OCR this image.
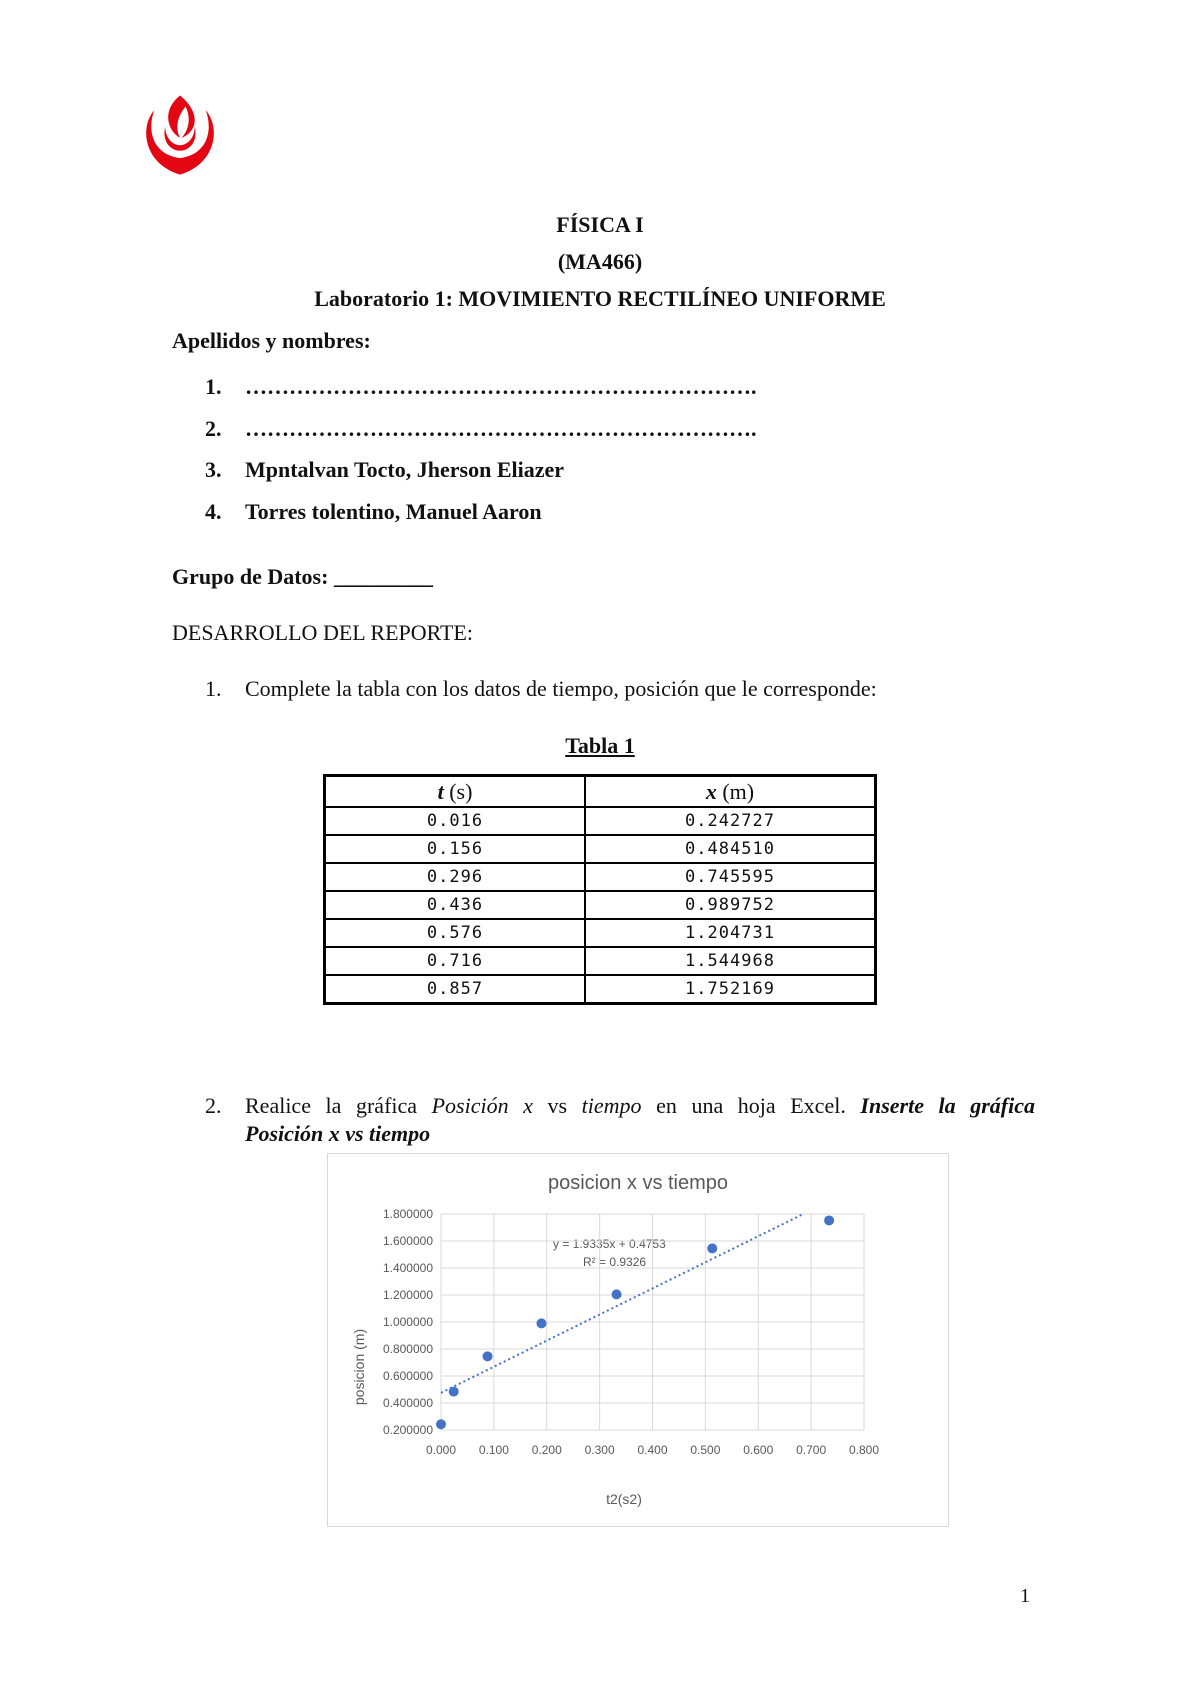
FÍSICA I
(MA466)
Laboratorio 1: MOVIMIENTO RECTILÍNEO UNIFORME
Apellidos y nombres:
1. …………………………………………………………….
2. …………………………………………………………….
3. Mpntalvan Tocto, Jherson Eliazer
4. Torres tolentino, Manuel Aaron
Grupo de Datos: _________
DESARROLLO DEL REPORTE:
1. Complete la tabla con los datos de tiempo, posición que le corresponde:
Tabla 1
t (s)	x (m)
0.016	0.242727
0.156	0.484510
0.296	0.745595
0.436	0.989752
0.576	1.204731
0.716	1.544968
0.857	1.752169
2. Realice la gráfica Posición x vs tiempo en una hoja Excel. Inserte la gráfica
Posición x vs tiempo
posicion x vs tiempo
t2(s2)
posicion (m)
y = 1.9335x + 0.4753
R² = 0.9326
0.000 0.100 0.200 0.300 0.400 0.500 0.600 0.700 0.800
0.200000
0.400000
0.600000
0.800000
1.000000
1.200000
1.400000
1.600000
1.800000
1
